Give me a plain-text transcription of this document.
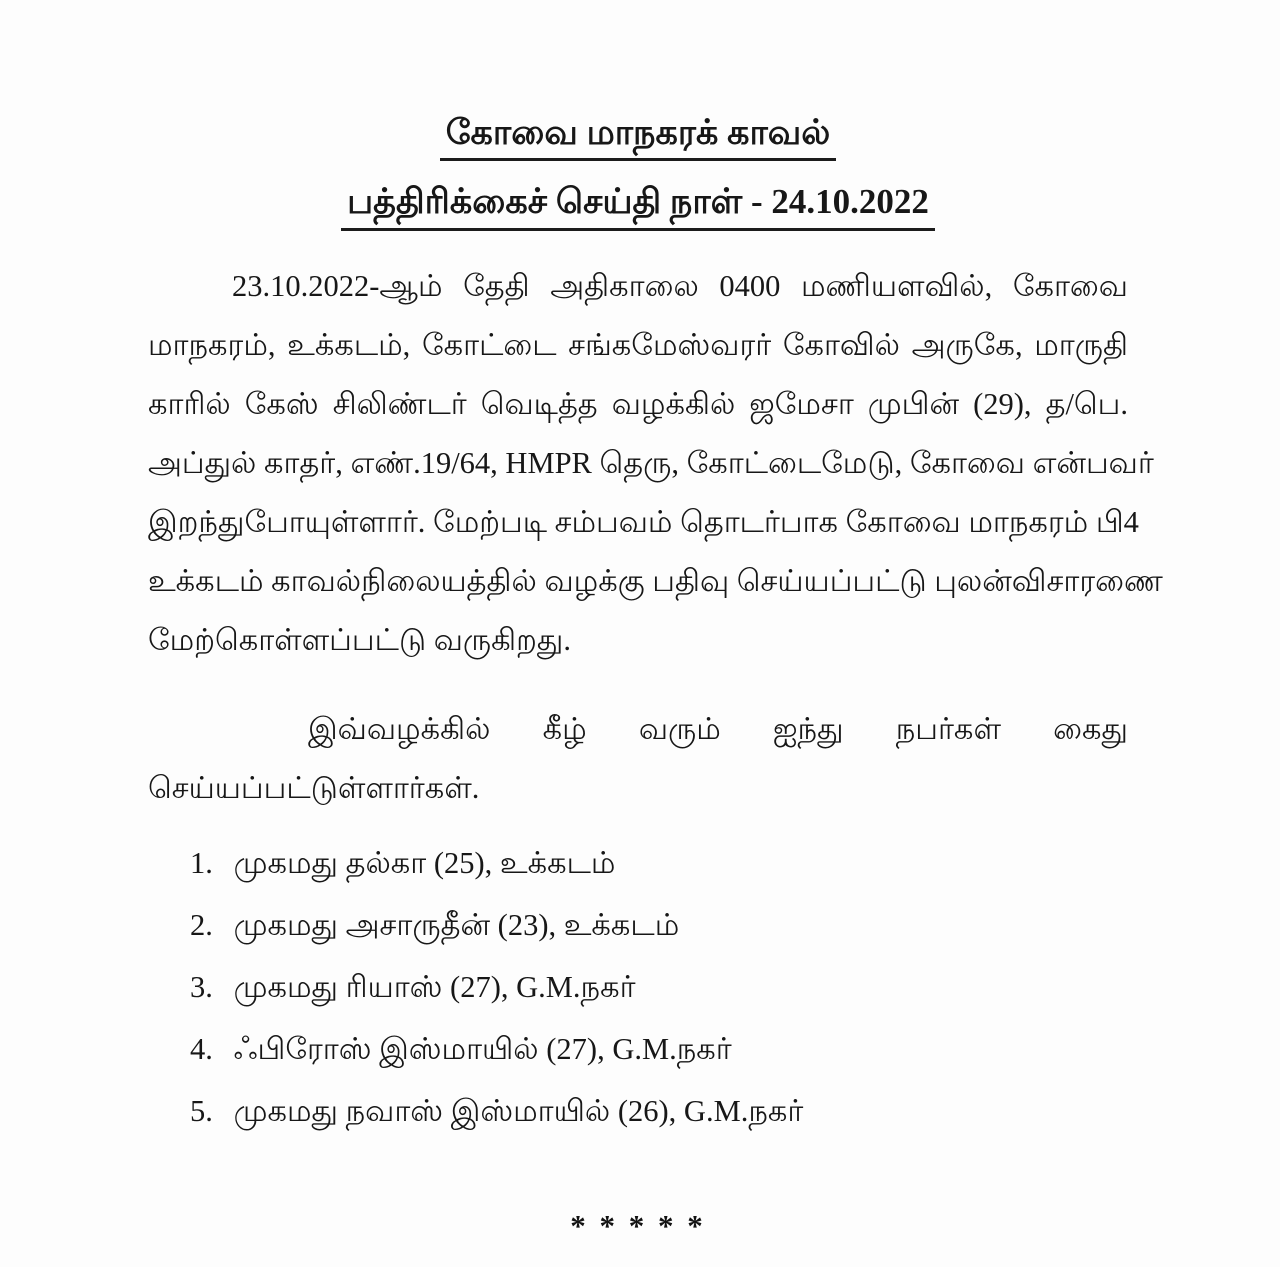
கோவை மாநகரக் காவல்
பத்திரிக்கைச் செய்தி நாள் - 24.10.2022
23.10.2022-ஆம் தேதி அதிகாலை 0400 மணியளவில், கோவை
மாநகரம், உக்கடம், கோட்டை சங்கமேஸ்வரர் கோவில் அருகே, மாருதி
காரில் கேஸ் சிலிண்டர் வெடித்த வழக்கில் ஜமேசா முபின் (29), த/பெ.
அப்துல் காதர், எண்.19/64, HMPR தெரு, கோட்டைமேடு, கோவை என்பவர்
இறந்துபோயுள்ளார். மேற்படி சம்பவம் தொடர்பாக கோவை மாநகரம் பி4
உக்கடம் காவல்நிலையத்தில் வழக்கு பதிவு செய்யப்பட்டு புலன்விசாரணை
மேற்கொள்ளப்பட்டு வருகிறது.
இவ்வழக்கில் கீழ் வரும் ஐந்து நபர்கள் கைது
செய்யப்பட்டுள்ளார்கள்.
1. முகமது தல்கா (25), உக்கடம்
2. முகமது அசாருதீன் (23), உக்கடம்
3. முகமது ரியாஸ் (27), G.M.நகர்
4. ஃபிரோஸ் இஸ்மாயில் (27), G.M.நகர்
5. முகமது நவாஸ் இஸ்மாயில் (26), G.M.நகர்
* * * * *
